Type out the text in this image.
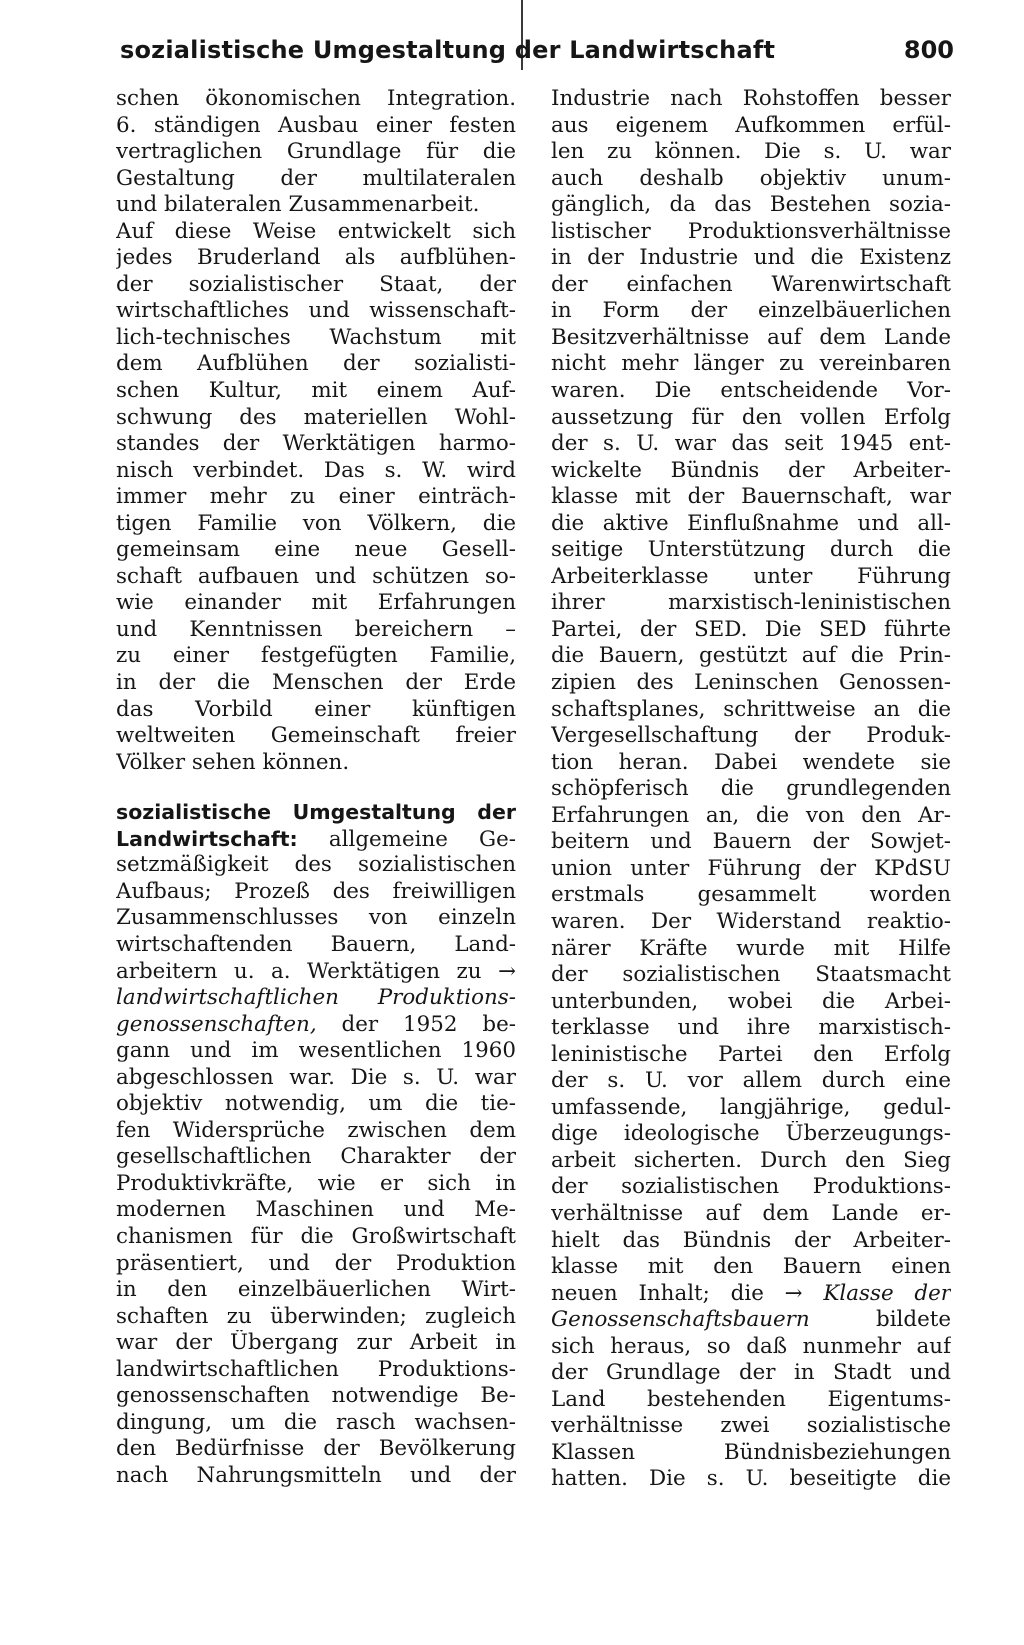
sozialistische Umgestaltung der Landwirtschaft	800
schen ökonomischen Integration.
6. ständigen Ausbau einer festen
vertraglichen Grundlage für die
Gestaltung der multilateralen
und bilateralen Zusammenarbeit.
Auf diese Weise entwickelt sich
jedes Bruderland als aufblühen-
der sozialistischer Staat, der
wirtschaftliches und wissenschaft-
lich-technisches Wachstum mit
dem Aufblühen der sozialisti-
schen Kultur, mit einem Auf-
schwung des materiellen Wohl-
standes der Werktätigen harmo-
nisch verbindet. Das s. W. wird
immer mehr zu einer einträch-
tigen Familie von Völkern, die
gemeinsam eine neue Gesell-
schaft aufbauen und schützen so-
wie einander mit Erfahrungen
und Kenntnissen bereichern –
zu einer festgefügten Familie,
in der die Menschen der Erde
das Vorbild einer künftigen
weltweiten Gemeinschaft freier
Völker sehen können.
sozialistische Umgestaltung der
Landwirtschaft: allgemeine Ge-
setzmäßigkeit des sozialistischen
Aufbaus; Prozeß des freiwilligen
Zusammenschlusses von einzeln
wirtschaftenden Bauern, Land-
arbeitern u. a. Werktätigen zu →
landwirtschaftlichen Produktions-
genossenschaften, der 1952 be-
gann und im wesentlichen 1960
abgeschlossen war. Die s. U. war
objektiv notwendig, um die tie-
fen Widersprüche zwischen dem
gesellschaftlichen Charakter der
Produktivkräfte, wie er sich in
modernen Maschinen und Me-
chanismen für die Großwirtschaft
präsentiert, und der Produktion
in den einzelbäuerlichen Wirt-
schaften zu überwinden; zugleich
war der Übergang zur Arbeit in
landwirtschaftlichen Produktions-
genossenschaften notwendige Be-
dingung, um die rasch wachsen-
den Bedürfnisse der Bevölkerung
nach Nahrungsmitteln und der
Industrie nach Rohstoffen besser
aus eigenem Aufkommen erfül-
len zu können. Die s. U. war
auch deshalb objektiv unum-
gänglich, da das Bestehen sozia-
listischer Produktionsverhältnisse
in der Industrie und die Existenz
der einfachen Warenwirtschaft
in Form der einzelbäuerlichen
Besitzverhältnisse auf dem Lande
nicht mehr länger zu vereinbaren
waren. Die entscheidende Vor-
aussetzung für den vollen Erfolg
der s. U. war das seit 1945 ent-
wickelte Bündnis der Arbeiter-
klasse mit der Bauernschaft, war
die aktive Einflußnahme und all-
seitige Unterstützung durch die
Arbeiterklasse unter Führung
ihrer marxistisch-leninistischen
Partei, der SED. Die SED führte
die Bauern, gestützt auf die Prin-
zipien des Leninschen Genossen-
schaftsplanes, schrittweise an die
Vergesellschaftung der Produk-
tion heran. Dabei wendete sie
schöpferisch die grundlegenden
Erfahrungen an, die von den Ar-
beitern und Bauern der Sowjet-
union unter Führung der KPdSU
erstmals gesammelt worden
waren. Der Widerstand reaktio-
närer Kräfte wurde mit Hilfe
der sozialistischen Staatsmacht
unterbunden, wobei die Arbei-
terklasse und ihre marxistisch-
leninistische Partei den Erfolg
der s. U. vor allem durch eine
umfassende, langjährige, gedul-
dige ideologische Überzeugungs-
arbeit sicherten. Durch den Sieg
der sozialistischen Produktions-
verhältnisse auf dem Lande er-
hielt das Bündnis der Arbeiter-
klasse mit den Bauern einen
neuen Inhalt; die → Klasse der
Genossenschaftsbauern bildete
sich heraus, so daß nunmehr auf
der Grundlage der in Stadt und
Land bestehenden Eigentums-
verhältnisse zwei sozialistische
Klassen Bündnisbeziehungen
hatten. Die s. U. beseitigte die
